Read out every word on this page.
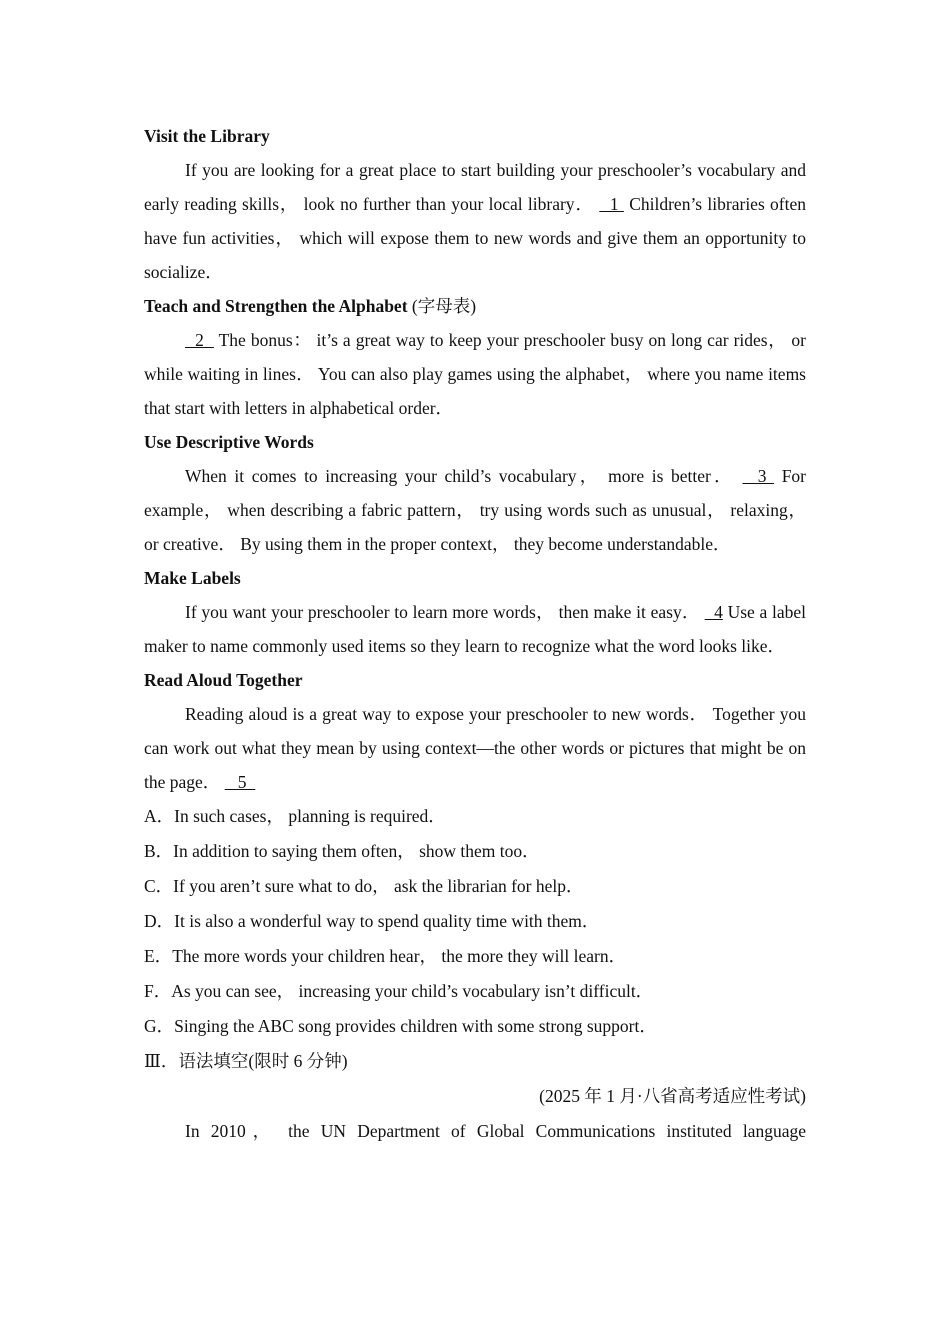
Visit the Library
If you are looking for a great place to start building your preschooler’s vocabulary and early reading skills， look no further than your local library．   1  Children’s libraries often have fun activities， which will expose them to new words and give them an opportunity to socialize．
Teach and Strengthen the Alphabet (字母表)
2   The bonus： it’s a great way to keep your preschooler busy on long car rides， or while waiting in lines． You can also play games using the alphabet， where you name items that start with letters in alphabetical order．
Use Descriptive Words
When it comes to increasing your child’s vocabulary， more is better．   3  For example， when describing a fabric pattern， try using words such as unusual， relaxing， or creative． By using them in the proper context， they become understandable．
Make Labels
If you want your preschooler to learn more words， then make it easy．   4 Use a label maker to name commonly used items so they learn to recognize what the word looks like．
Read Aloud Together
Reading aloud is a great way to expose your preschooler to new words． Together you can work out what they mean by using context—the other words or pictures that might be on the page．    5
A．In such cases， planning is required．
B．In addition to saying them often， show them too．
C．If you aren’t sure what to do， ask the librarian for help．
D．It is also a wonderful way to spend quality time with them．
E．The more words your children hear， the more they will learn．
F．As you can see， increasing your child’s vocabulary isn’t difficult．
G．Singing the ABC song provides children with some strong support．
Ⅲ．语法填空(限时 6 分钟)
(2025 年 1 月·八省高考适应性考试)
In 2010， the UN Department of Global Communications instituted language
